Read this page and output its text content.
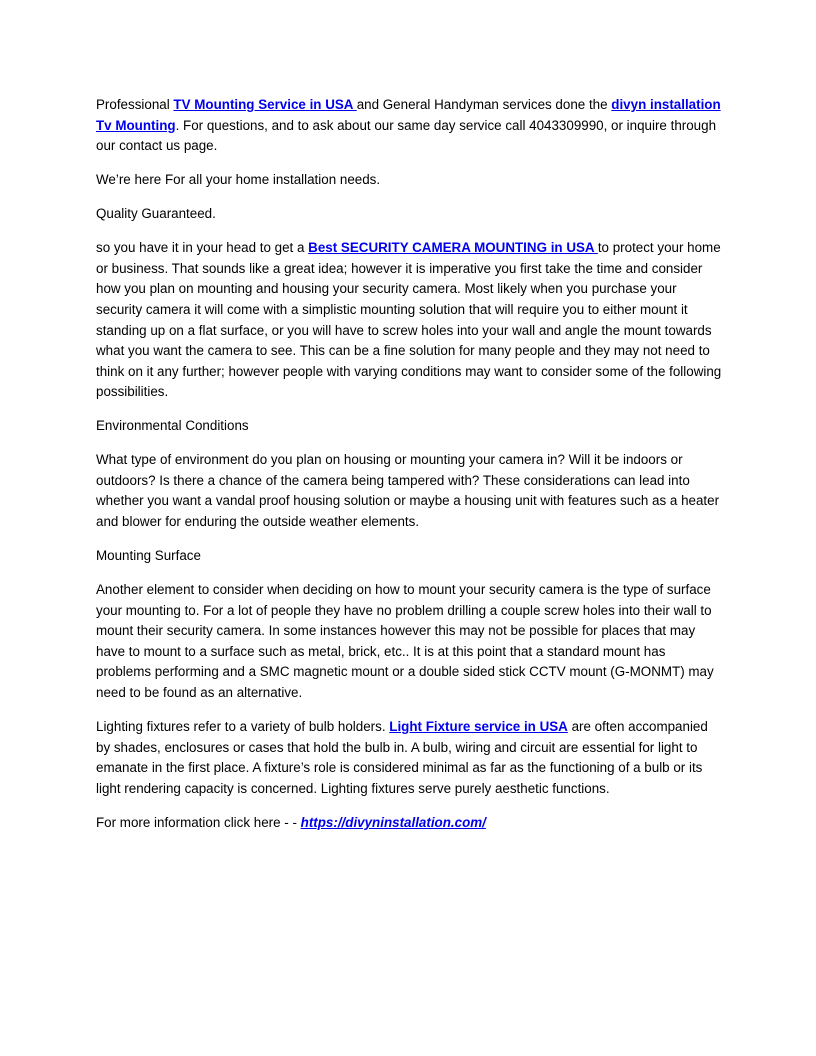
Professional TV Mounting Service in USA and General Handyman services done the divyn installation Tv Mounting. For questions, and to ask about our same day service call 4043309990, or inquire through our contact us page.

We’re here For all your home installation needs.

Quality Guaranteed.

so you have it in your head to get a Best SECURITY CAMERA MOUNTING in USA to protect your home or business. That sounds like a great idea; however it is imperative you first take the time and consider how you plan on mounting and housing your security camera. Most likely when you purchase your security camera it will come with a simplistic mounting solution that will require you to either mount it standing up on a flat surface, or you will have to screw holes into your wall and angle the mount towards what you want the camera to see. This can be a fine solution for many people and they may not need to think on it any further; however people with varying conditions may want to consider some of the following possibilities.

Environmental Conditions

What type of environment do you plan on housing or mounting your camera in? Will it be indoors or outdoors? Is there a chance of the camera being tampered with? These considerations can lead into whether you want a vandal proof housing solution or maybe a housing unit with features such as a heater and blower for enduring the outside weather elements.

Mounting Surface

Another element to consider when deciding on how to mount your security camera is the type of surface your mounting to. For a lot of people they have no problem drilling a couple screw holes into their wall to mount their security camera. In some instances however this may not be possible for places that may have to mount to a surface such as metal, brick, etc.. It is at this point that a standard mount has problems performing and a SMC magnetic mount or a double sided stick CCTV mount (G-MONMT) may need to be found as an alternative.

Lighting fixtures refer to a variety of bulb holders. Light Fixture service in USA are often accompanied by shades, enclosures or cases that hold the bulb in. A bulb, wiring and circuit are essential for light to emanate in the first place. A fixture’s role is considered minimal as far as the functioning of a bulb or its light rendering capacity is concerned. Lighting fixtures serve purely aesthetic functions.

For more information click here - - https://divyninstallation.com/
